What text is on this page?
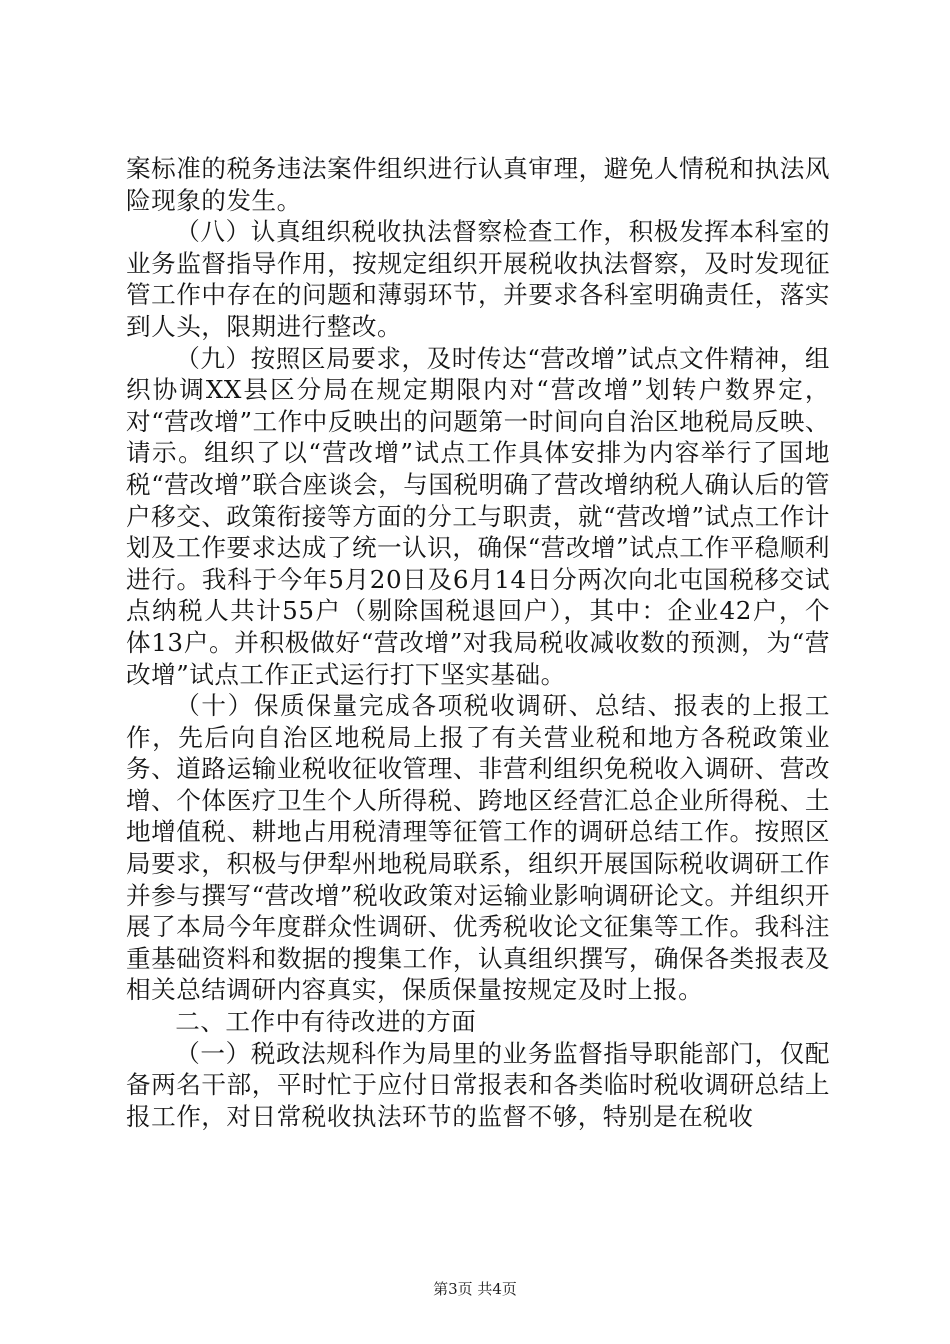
案标准的税务违法案件组织进行认真审理，避免人情税和执法风险现象的发生。

（八）认真组织税收执法督察检查工作，积极发挥本科室的业务监督指导作用，按规定组织开展税收执法督察，及时发现征管工作中存在的问题和薄弱环节，并要求各科室明确责任，落实到人头，限期进行整改。

（九）按照区局要求，及时传达“营改增”试点文件精神，组织协调XX县区分局在规定期限内对“营改增”划转户数界定，对“营改增”工作中反映出的问题第一时间向自治区地税局反映、请示。组织了以“营改增”试点工作具体安排为内容举行了国地税“营改增”联合座谈会，与国税明确了营改增纳税人确认后的管户移交、政策衔接等方面的分工与职责，就“营改增”试点工作计划及工作要求达成了统一认识，确保“营改增”试点工作平稳顺利进行。我科于今年5月20日及6月14日分两次向北屯国税移交试点纳税人共计55户（剔除国税退回户），其中：企业42户，个体13户。并积极做好“营改增”对我局税收减收数的预测，为“营改增”试点工作正式运行打下坚实基础。

（十）保质保量完成各项税收调研、总结、报表的上报工作，先后向自治区地税局上报了有关营业税和地方各税政策业务、道路运输业税收征收管理、非营利组织免税收入调研、营改增、个体医疗卫生个人所得税、跨地区经营汇总企业所得税、土地增值税、耕地占用税清理等征管工作的调研总结工作。按照区局要求，积极与伊犁州地税局联系，组织开展国际税收调研工作并参与撰写“营改增”税收政策对运输业影响调研论文。并组织开展了本局今年度群众性调研、优秀税收论文征集等工作。我科注重基础资料和数据的搜集工作，认真组织撰写，确保各类报表及相关总结调研内容真实，保质保量按规定及时上报。

二、工作中有待改进的方面

（一）税政法规科作为局里的业务监督指导职能部门，仅配备两名干部，平时忙于应付日常报表和各类临时税收调研总结上报工作，对日常税收执法环节的监督不够，特别是在税收

第3页 共4页
